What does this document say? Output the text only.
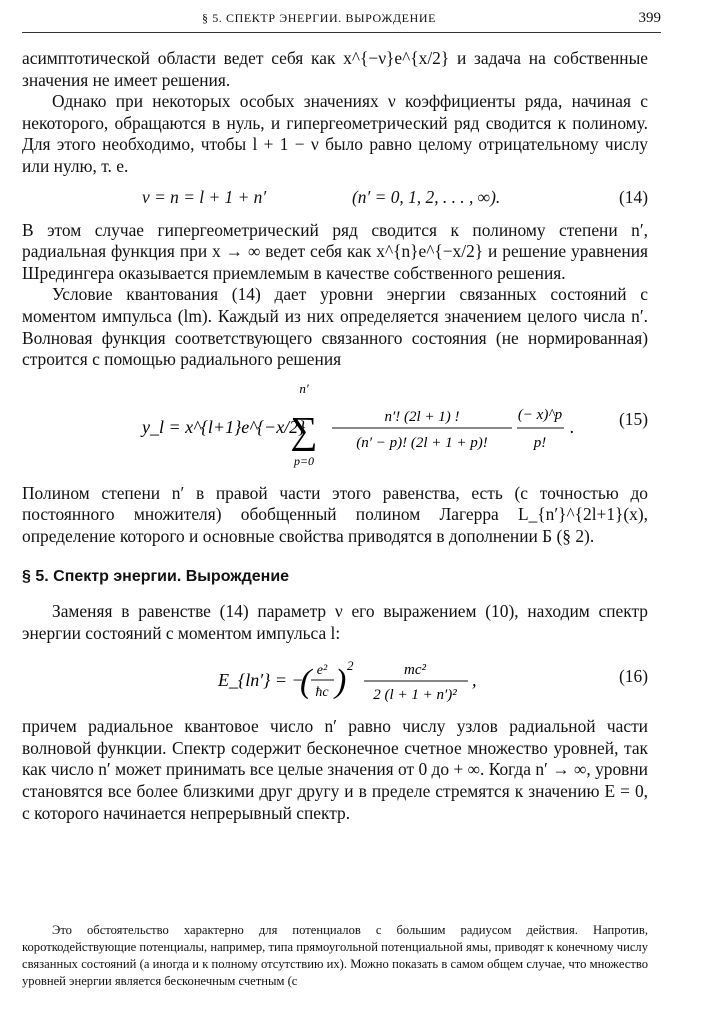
§ 5. СПЕКТР ЭНЕРГИИ. ВЫРОЖДЕНИЕ	399

асимптотической области ведет себя как x^{−ν}e^{x/2} и задача на собственные значения не имеет решения.

Однако при некоторых особых значениях ν коэффициенты ряда, начиная с некоторого, обращаются в нуль, и гипергеометрический ряд сводится к полиному. Для этого необходимо, чтобы l + 1 − ν было равно целому отрицательному числу или нулю, т. е.

ν = n = l + 1 + n′	(n′ = 0, 1, 2, . . . , ∞).	(14)

В этом случае гипергеометрический ряд сводится к полиному степени n′, радиальная функция при x → ∞ ведет себя как x^{n}e^{−x/2} и решение уравнения Шредингера оказывается приемлемым в качестве собственного решения.

Условие квантования (14) дает уровни энергии связанных состояний с моментом импульса (lm). Каждый из них определяется значением целого числа n′. Волновая функция соответствующего связанного состояния (не нормированная) строится с помощью радиального решения

y_l = x^{l+1}e^{−x/2}
n′
∑
p=0
n′! (2l + 1) !
(n′ − p)! (2l + 1 + p)!
(− x)^p
p!
.	(15)

Полином степени n′ в правой части этого равенства, есть (с точностью до постоянного множителя) обобщенный полином Лагерра L_{n′}^{2l+1}(x), определение которого и основные свойства приводятся в дополнении Б (§ 2).

§ 5. Спектр энергии. Вырождение

Заменяя в равенстве (14) параметр ν его выражением (10), находим спектр энергии состояний с моментом импульса l:

E_{ln′} = −
( e²
ħc ) 2	mc²
2 (l + 1 + n′)²
,	(16)

причем радиальное квантовое число n′ равно числу узлов радиальной части волновой функции. Спектр содержит бесконечное счетное множество уровней, так как число n′ может принимать все целые значения от 0 до + ∞. Когда n′ → ∞, уровни становятся все более близкими друг другу и в пределе стремятся к значению E = 0, с которого начинается непрерывный спектр.

Это обстоятельство характерно для потенциалов с большим радиусом действия. Напротив, короткодействующие потенциалы, например, типа прямоугольной потенциальной ямы, приводят к конечному числу связанных состояний (а иногда и к полному отсутствию их). Можно показать в самом общем случае, что множество уровней энергии является бесконечным счетным (с
